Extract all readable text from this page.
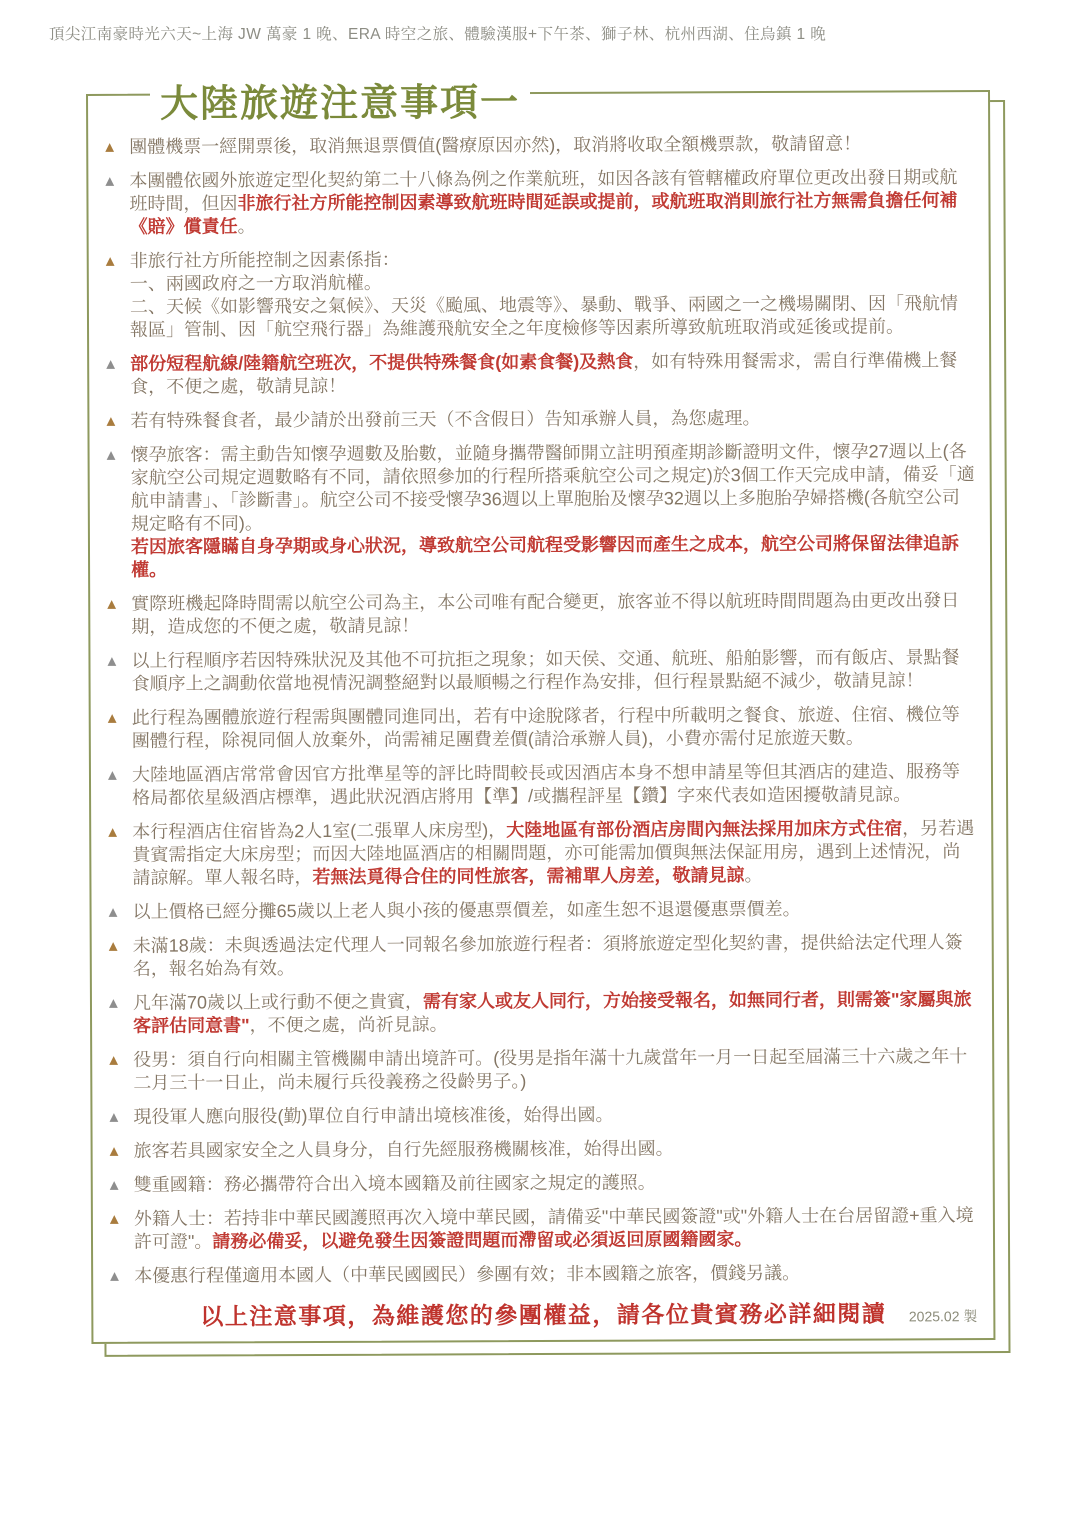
頂尖江南豪時光六天~上海 JW 萬豪 1 晚、ERA 時空之旅、體驗漢服+下午茶、獅子林、杭州西湖、住烏鎮 1 晚
大陸旅遊注意事項一
▲ 團體機票一經開票後，取消無退票價值(醫療原因亦然)，取消將收取全額機票款，敬請留意！

▲ 本團體依國外旅遊定型化契約第二十八條為例之作業航班，如因各該有管轄權政府單位更改出發日期或航班時間，但因非旅行社方所能控制因素導致航班時間延誤或提前，或航班取消則旅行社方無需負擔任何補《賠》償責任。

▲ 非旅行社方所能控制之因素係指：
一、兩國政府之一方取消航權。
二、天候《如影響飛安之氣候》、天災《颱風、地震等》、暴動、戰爭、兩國之一之機場關閉、因「飛航情報區」管制、因「航空飛行器」為維護飛航安全之年度檢修等因素所導致航班取消或延後或提前。

▲ 部份短程航線/陸籍航空班次，不提供特殊餐食(如素食餐)及熱食，如有特殊用餐需求，需自行準備機上餐食，不便之處，敬請見諒！

▲ 若有特殊餐食者，最少請於出發前三天（不含假日）告知承辦人員，為您處理。

▲ 懷孕旅客：需主動告知懷孕週數及胎數，並隨身攜帶醫師開立註明預產期診斷證明文件，懷孕27週以上(各家航空公司規定週數略有不同，請依照參加的行程所搭乘航空公司之規定)於3個工作天完成申請，備妥「適航申請書」、「診斷書」。航空公司不接受懷孕36週以上單胞胎及懷孕32週以上多胞胎孕婦搭機(各航空公司規定略有不同)。
若因旅客隱瞞自身孕期或身心狀況，導致航空公司航程受影響因而產生之成本，航空公司將保留法律追訴權。

▲ 實際班機起降時間需以航空公司為主，本公司唯有配合變更，旅客並不得以航班時間問題為由更改出發日期，造成您的不便之處，敬請見諒！

▲ 以上行程順序若因特殊狀況及其他不可抗拒之現象；如天侯、交通、航班、船舶影響，而有飯店、景點餐食順序上之調動依當地視情況調整絕對以最順暢之行程作為安排，但行程景點絕不減少，敬請見諒！

▲ 此行程為團體旅遊行程需與團體同進同出，若有中途脫隊者，行程中所載明之餐食、旅遊、住宿、機位等團體行程，除視同個人放棄外，尚需補足團費差價(請洽承辦人員)，小費亦需付足旅遊天數。

▲ 大陸地區酒店常常會因官方批準星等的評比時間較長或因酒店本身不想申請星等但其酒店的建造、服務等格局都依星級酒店標準，遇此狀況酒店將用【準】/或攜程評星【鑽】字來代表如造困擾敬請見諒。

▲ 本行程酒店住宿皆為2人1室(二張單人床房型)，大陸地區有部份酒店房間內無法採用加床方式住宿，另若遇貴賓需指定大床房型；而因大陸地區酒店的相關問題，亦可能需加價與無法保証用房，遇到上述情況，尚請諒解。單人報名時，若無法覓得合住的同性旅客，需補單人房差，敬請見諒。

▲ 以上價格已經分攤65歲以上老人與小孩的優惠票價差，如產生恕不退還優惠票價差。

▲ 未滿18歲：未與透過法定代理人一同報名參加旅遊行程者：須將旅遊定型化契約書，提供給法定代理人簽名，報名始為有效。

▲ 凡年滿70歲以上或行動不便之貴賓，需有家人或友人同行，方始接受報名，如無同行者，則需簽"家屬與旅客評估同意書"，不便之處，尚祈見諒。

▲ 役男：須自行向相關主管機關申請出境許可。(役男是指年滿十九歲當年一月一日起至屆滿三十六歲之年十二月三十一日止，尚未履行兵役義務之役齡男子。)

▲ 現役軍人應向服役(勤)單位自行申請出境核准後，始得出國。

▲ 旅客若具國家安全之人員身分，自行先經服務機關核准，始得出國。

▲ 雙重國籍：務必攜帶符合出入境本國籍及前往國家之規定的護照。

▲ 外籍人士：若持非中華民國護照再次入境中華民國，請備妥"中華民國簽證"或"外籍人士在台居留證+重入境許可證"。請務必備妥，以避免發生因簽證問題而滯留或必須返回原國籍國家。

▲ 本優惠行程僅適用本國人（中華民國國民）參團有效；非本國籍之旅客，價錢另議。

以上注意事項，為維護您的參團權益，請各位貴賓務必詳細閱讀 2025.02 製
